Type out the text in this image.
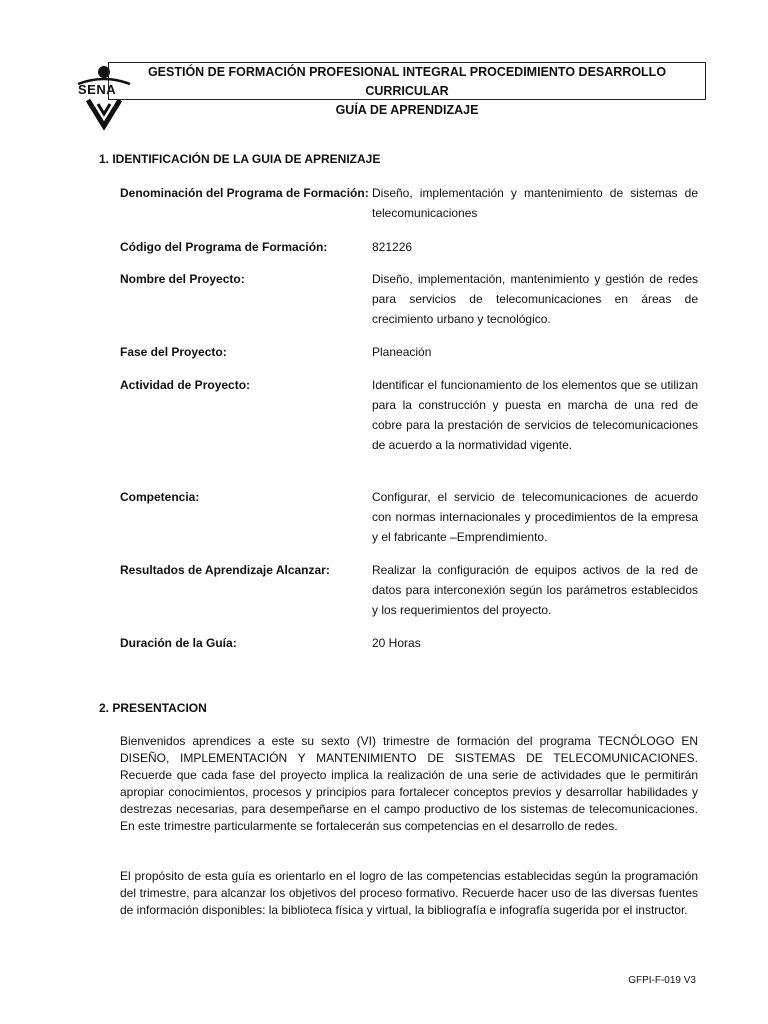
SENA
GESTIÓN DE FORMACIÓN PROFESIONAL INTEGRAL PROCEDIMIENTO DESARROLLO CURRICULAR
GUÍA DE APRENDIZAJE
1. IDENTIFICACIÓN DE LA GUIA DE APRENIZAJE
Denominación del Programa de Formación: Diseño, implementación y mantenimiento de sistemas de telecomunicaciones
Código del Programa de Formación:	821226
Nombre del Proyecto:	Diseño, implementación, mantenimiento y gestión de redes para servicios de telecomunicaciones en áreas de crecimiento urbano y tecnológico.
Fase del Proyecto:	Planeación
Actividad de Proyecto:	Identificar el funcionamiento de los elementos que se utilizan para la construcción y puesta en marcha de una red de cobre para la prestación de servicios de telecomunicaciones de acuerdo a la normatividad vigente.
Competencia:	Configurar, el servicio de telecomunicaciones de acuerdo con normas internacionales y procedimientos de la empresa y el fabricante –Emprendimiento.
Resultados de Aprendizaje Alcanzar:	Realizar la configuración de equipos activos de la red de datos para interconexión según los parámetros establecidos y los requerimientos del proyecto.
Duración de la Guía:	20 Horas
2. PRESENTACION
Bienvenidos aprendices a este su sexto (VI) trimestre de formación del programa TECNÓLOGO EN DISEÑO, IMPLEMENTACIÓN Y MANTENIMIENTO DE SISTEMAS DE TELECOMUNICACIONES. Recuerde que cada fase del proyecto implica la realización de una serie de actividades que le permitirán apropiar conocimientos, procesos y principios para fortalecer conceptos previos y desarrollar habilidades y destrezas necesarias, para desempeñarse en el campo productivo de los sistemas de telecomunicaciones. En este trimestre particularmente se fortalecerán sus competencias en el desarrollo de redes.
El propósito de esta guía es orientarlo en el logro de las competencias establecidas según la programación del trimestre, para alcanzar los objetivos del proceso formativo. Recuerde hacer uso de las diversas fuentes de información disponibles: la biblioteca física y virtual, la bibliografía e infografía sugerida por el instructor.
GFPI-F-019 V3
